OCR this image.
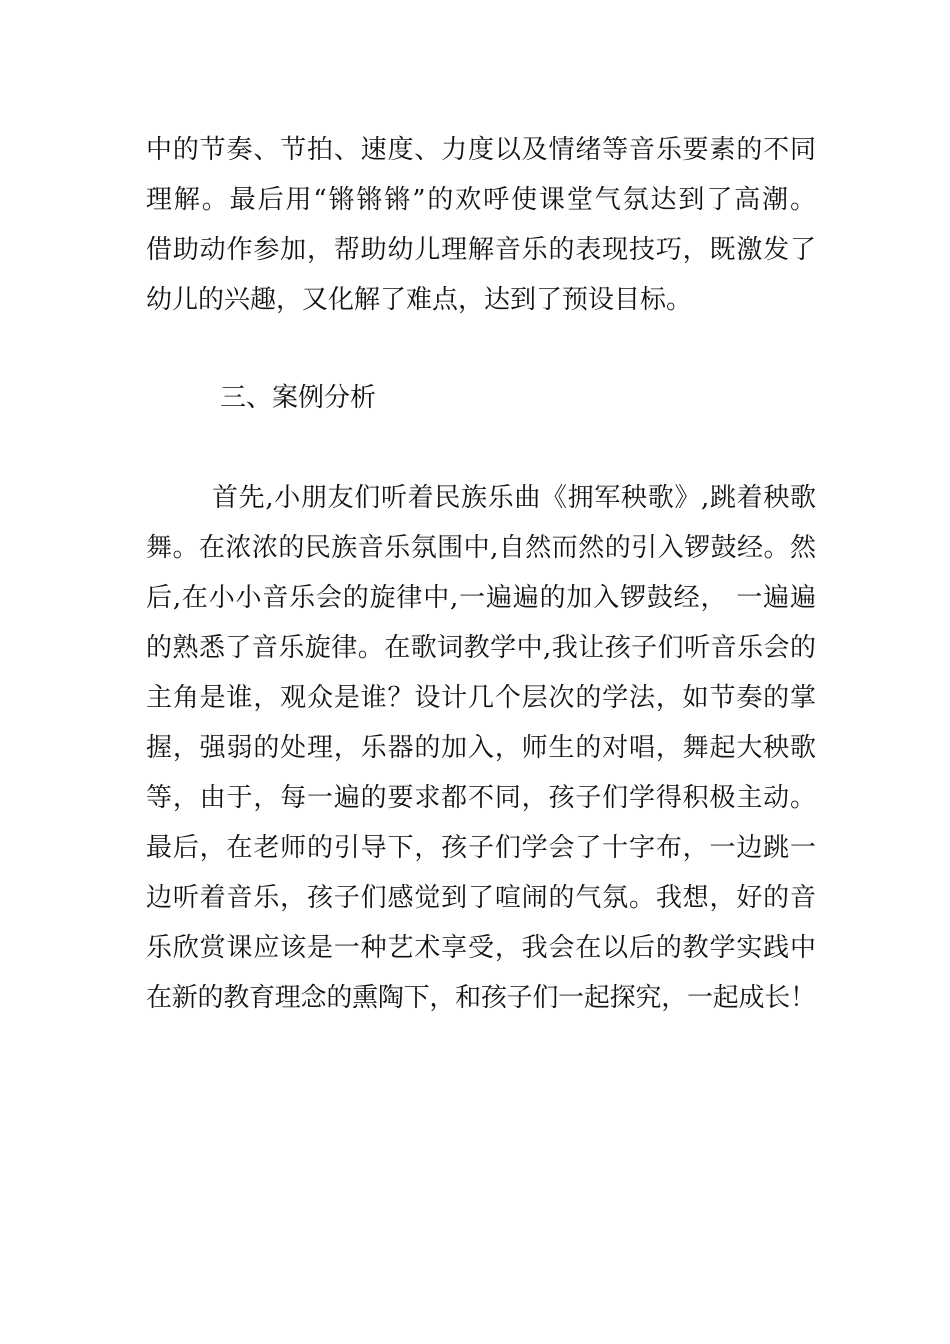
中的节奏、节拍、速度、力度以及情绪等音乐要素的不同
理解。最后用“锵锵锵”的欢呼使课堂气氛达到了高潮。
借助动作参加，帮助幼儿理解音乐的表现技巧，既激发了
幼儿的兴趣，又化解了难点，达到了预设目标。
三、案例分析
首先,小朋友们听着民族乐曲《拥军秧歌》,跳着秧歌
舞。在浓浓的民族音乐氛围中,自然而然的引入锣鼓经。然
后,在小小音乐会的旋律中,一遍遍的加入锣鼓经， 一遍遍
的熟悉了音乐旋律。在歌词教学中,我让孩子们听音乐会的
主角是谁，观众是谁？设计几个层次的学法，如节奏的掌
握，强弱的处理，乐器的加入，师生的对唱，舞起大秧歌
等，由于，每一遍的要求都不同，孩子们学得积极主动。
最后，在老师的引导下，孩子们学会了十字布，一边跳一
边听着音乐，孩子们感觉到了喧闹的气氛。我想，好的音
乐欣赏课应该是一种艺术享受，我会在以后的教学实践中
在新的教育理念的熏陶下，和孩子们一起探究，一起成长！
